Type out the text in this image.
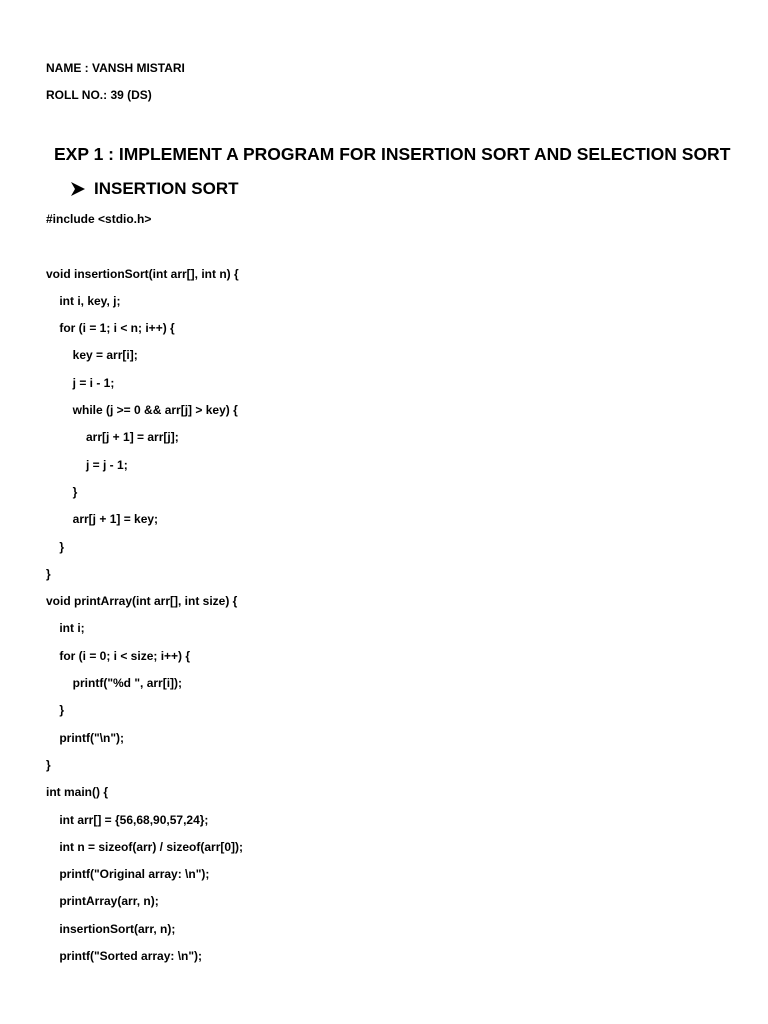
NAME : VANSH MISTARI
ROLL NO.: 39 (DS)
EXP 1 : IMPLEMENT A PROGRAM FOR INSERTION SORT AND SELECTION SORT
INSERTION SORT
#include <stdio.h>
void insertionSort(int arr[], int n) {
int i, key, j;
for (i = 1; i < n; i++) {
key = arr[i];
j = i - 1;
while (j >= 0 && arr[j] > key) {
arr[j + 1] = arr[j];
j = j - 1;
}
arr[j + 1] = key;
}
}
void printArray(int arr[], int size) {
int i;
for (i = 0; i < size; i++) {
printf("%d ", arr[i]);
}
printf("\n");
}
int main() {
int arr[] = {56,68,90,57,24};
int n = sizeof(arr) / sizeof(arr[0]);
printf("Original array: \n");
printArray(arr, n);
insertionSort(arr, n);
printf("Sorted array: \n");
